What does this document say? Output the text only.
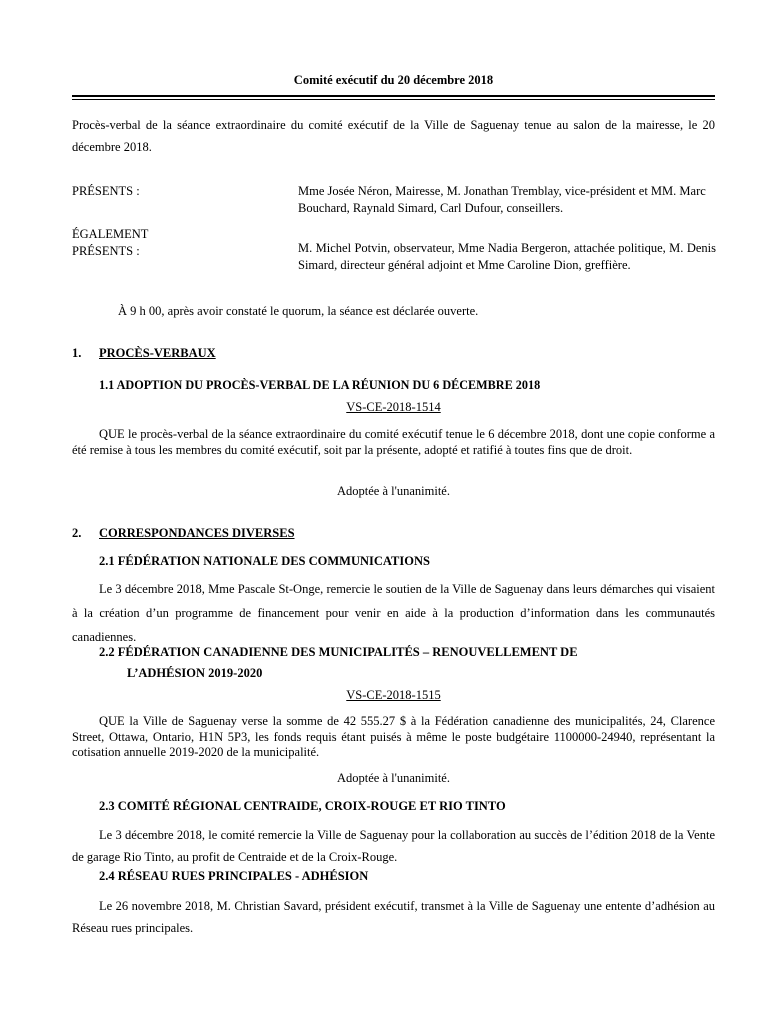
Comité exécutif du 20 décembre 2018
Procès-verbal de la séance extraordinaire du comité exécutif de la Ville de Saguenay tenue au salon de la mairesse, le 20 décembre 2018.
PRÉSENTS :	Mme Josée Néron, Mairesse, M. Jonathan Tremblay, vice-président et MM. Marc Bouchard, Raynald Simard, Carl Dufour, conseillers.
ÉGALEMENT
PRÉSENTS :	M. Michel Potvin, observateur, Mme Nadia Bergeron, attachée politique, M. Denis Simard, directeur général adjoint et Mme Caroline Dion, greffière.
À 9 h 00, après avoir constaté le quorum, la séance est déclarée ouverte.
1. PROCÈS-VERBAUX
1.1 ADOPTION DU PROCÈS-VERBAL DE LA RÉUNION DU 6 DÉCEMBRE 2018
VS-CE-2018-1514
QUE le procès-verbal de la séance extraordinaire du comité exécutif tenue le 6 décembre 2018, dont une copie conforme a été remise à tous les membres du comité exécutif, soit par la présente, adopté et ratifié à toutes fins que de droit.
Adoptée à l'unanimité.
2. CORRESPONDANCES DIVERSES
2.1 FÉDÉRATION NATIONALE DES COMMUNICATIONS
Le 3 décembre 2018, Mme Pascale St-Onge, remercie le soutien de la Ville de Saguenay dans leurs démarches qui visaient à la création d’un programme de financement pour venir en aide à la production d’information dans les communautés canadiennes.
2.2 FÉDÉRATION CANADIENNE DES MUNICIPALITÉS – RENOUVELLEMENT DE
L’ADHÉSION 2019-2020
VS-CE-2018-1515
QUE la Ville de Saguenay verse la somme de 42 555.27 $ à la Fédération canadienne des municipalités, 24, Clarence Street, Ottawa, Ontario, H1N 5P3, les fonds requis étant puisés à même le poste budgétaire 1100000-24940, représentant la cotisation annuelle 2019-2020 de la municipalité.
Adoptée à l'unanimité.
2.3 COMITÉ RÉGIONAL CENTRAIDE, CROIX-ROUGE ET RIO TINTO
Le 3 décembre 2018, le comité remercie la Ville de Saguenay pour la collaboration au succès de l’édition 2018 de la Vente de garage Rio Tinto, au profit de Centraide et de la Croix-Rouge.
2.4 RÉSEAU RUES PRINCIPALES - ADHÉSION
Le 26 novembre 2018, M. Christian Savard, président exécutif, transmet à la Ville de Saguenay une entente d’adhésion au Réseau rues principales.
